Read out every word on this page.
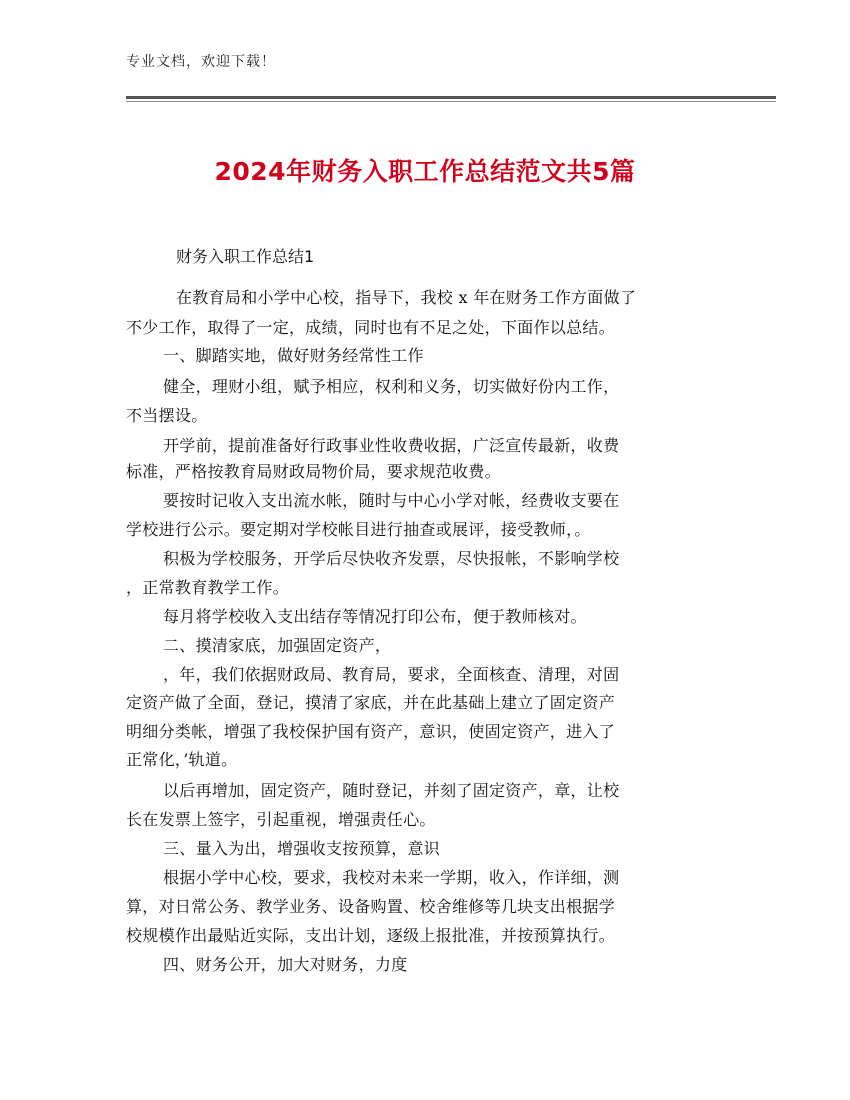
专业文档，欢迎下载！
2024年财务入职工作总结范文共5篇
财务入职工作总结1
在教育局和小学中心校，指导下，我校 x 年在财务工作方面做了
不少工作，取得了一定，成绩，同时也有不足之处，下面作以总结。
一、脚踏实地，做好财务经常性工作
健全，理财小组，赋予相应，权利和义务，切实做好份内工作，
不当摆设。
开学前，提前准备好行政事业性收费收据，广泛宣传最新，收费
标准，严格按教育局财政局物价局，要求规范收费。
要按时记收入支出流水帐，随时与中心小学对帐，经费收支要在
学校进行公示。要定期对学校帐目进行抽查或展评，接受教师，。
积极为学校服务，开学后尽快收齐发票，尽快报帐，不影响学校
，正常教育教学工作。
每月将学校收入支出结存等情况打印公布，便于教师核对。
二、摸清家底，加强固定资产，
，年，我们依据财政局、教育局，要求，全面核查、清理，对固
定资产做了全面，登记，摸清了家底，并在此基础上建立了固定资产
明细分类帐，增强了我校保护国有资产，意识，使固定资产，进入了
正常化，’轨道。
以后再增加，固定资产，随时登记，并刻了固定资产，章，让校
长在发票上签字，引起重视，增强责任心。
三、量入为出，增强收支按预算，意识
根据小学中心校，要求，我校对未来一学期，收入，作详细，测
算，对日常公务、教学业务、设备购置、校舍维修等几块支出根据学
校规模作出最贴近实际，支出计划，逐级上报批准，并按预算执行。
四、财务公开，加大对财务，力度
